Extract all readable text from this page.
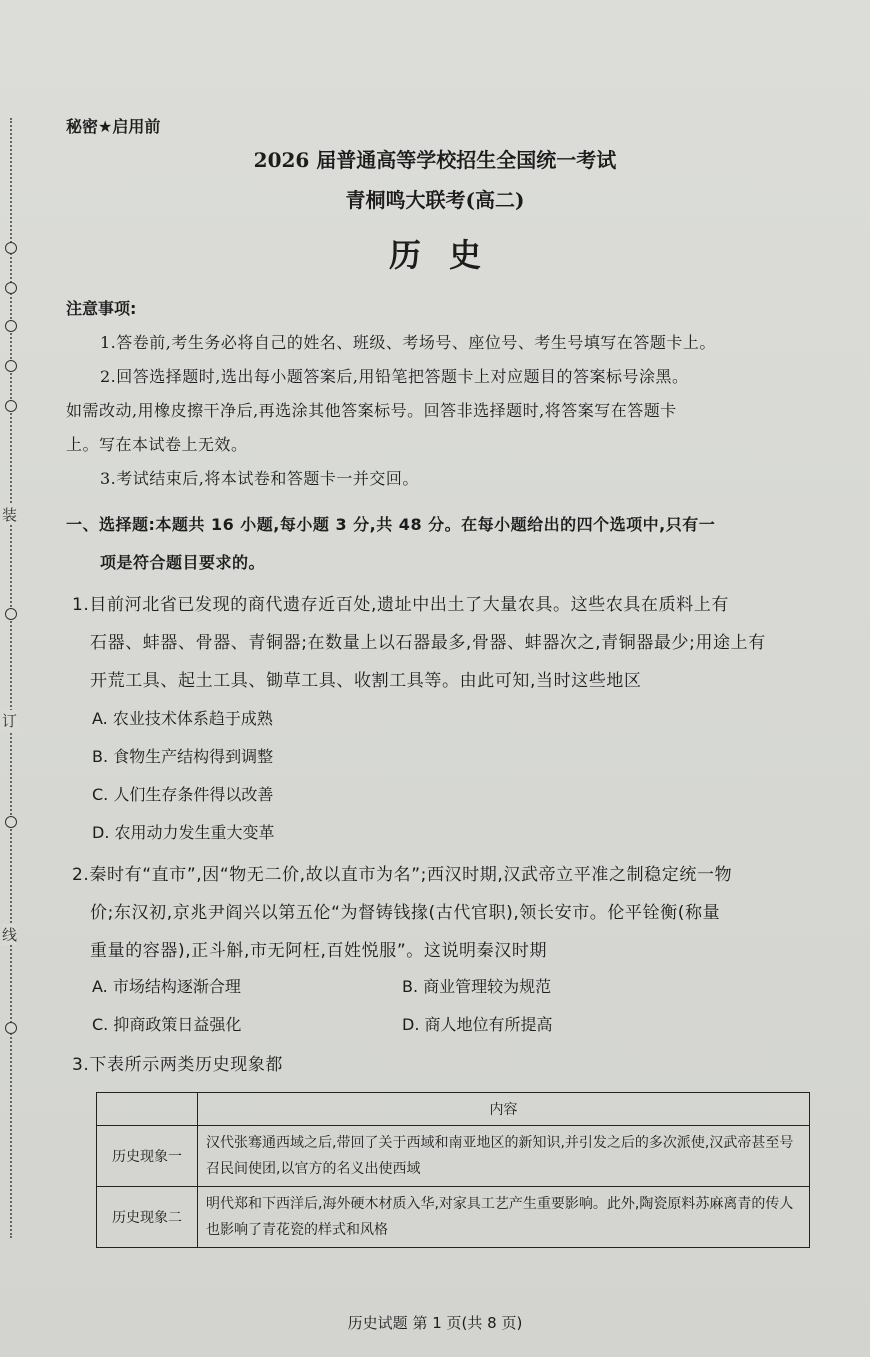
装
订
线
秘密★启用前
2026 届普通高等学校招生全国统一考试
青桐鸣大联考(高二)
历史
注意事项:
1.答卷前,考生务必将自己的姓名、班级、考场号、座位号、考生号填写在答题卡上。
2.回答选择题时,选出每小题答案后,用铅笔把答题卡上对应题目的答案标号涂黑。
如需改动,用橡皮擦干净后,再选涂其他答案标号。回答非选择题时,将答案写在答题卡
上。写在本试卷上无效。
3.考试结束后,将本试卷和答题卡一并交回。
一、选择题:本题共 16 小题,每小题 3 分,共 48 分。在每小题给出的四个选项中,只有一
项是符合题目要求的。
1.目前河北省已发现的商代遗存近百处,遗址中出土了大量农具。这些农具在质料上有
石器、蚌器、骨器、青铜器;在数量上以石器最多,骨器、蚌器次之,青铜器最少;用途上有
开荒工具、起土工具、锄草工具、收割工具等。由此可知,当时这些地区
A. 农业技术体系趋于成熟
B. 食物生产结构得到调整
C. 人们生存条件得以改善
D. 农用动力发生重大变革
2.秦时有“直市”,因“物无二价,故以直市为名”;西汉时期,汉武帝立平准之制稳定统一物
价;东汉初,京兆尹阎兴以第五伦“为督铸钱掾(古代官职),领长安市。伦平铨衡(称量
重量的容器),正斗斛,市无阿枉,百姓悦服”。这说明秦汉时期
A. 市场结构逐渐合理	B. 商业管理较为规范
C. 抑商政策日益强化	D. 商人地位有所提高
3.下表所示两类历史现象都
	内容
历史现象一	汉代张骞通西域之后,带回了关于西域和南亚地区的新知识,并引发之后的多次派使,汉武帝甚至号召民间使团,以官方的名义出使西域
历史现象二	明代郑和下西洋后,海外硬木材质入华,对家具工艺产生重要影响。此外,陶瓷原料苏麻离青的传人也影响了青花瓷的样式和风格
历史试题 第 1 页(共 8 页)
